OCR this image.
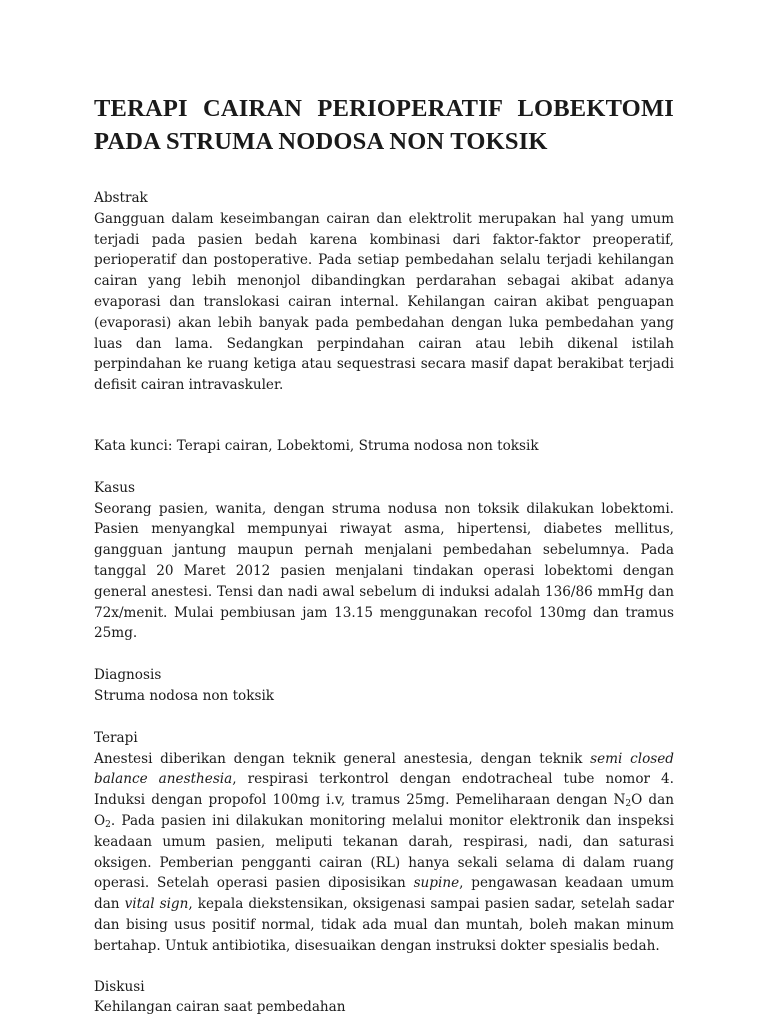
TERAPI CAIRAN PERIOPERATIF LOBEKTOMI PADA STRUMA NODOSA NON TOKSIK

Abstrak

Gangguan dalam keseimbangan cairan dan elektrolit merupakan hal yang umum terjadi pada pasien bedah karena kombinasi dari faktor-faktor preoperatif, perioperatif dan postoperative. Pada setiap pembedahan selalu terjadi kehilangan cairan yang lebih menonjol dibandingkan perdarahan sebagai akibat adanya evaporasi dan translokasi cairan internal. Kehilangan cairan akibat penguapan (evaporasi) akan lebih banyak pada pembedahan dengan luka pembedahan yang luas dan lama. Sedangkan perpindahan cairan atau lebih dikenal istilah perpindahan ke ruang ketiga atau sequestrasi secara masif dapat berakibat terjadi defisit cairan intravaskuler.

Kata kunci: Terapi cairan, Lobektomi, Struma nodosa non toksik

Kasus

Seorang pasien, wanita, dengan struma nodusa non toksik dilakukan lobektomi. Pasien menyangkal mempunyai riwayat asma, hipertensi, diabetes mellitus, gangguan jantung maupun pernah menjalani pembedahan sebelumnya. Pada tanggal 20 Maret 2012 pasien menjalani tindakan operasi lobektomi dengan general anestesi. Tensi dan nadi awal sebelum di induksi adalah 136/86 mmHg dan 72x/menit. Mulai pembiusan jam 13.15 menggunakan recofol 130mg dan tramus 25mg.

Diagnosis

Struma nodosa non toksik

Terapi

Anestesi diberikan dengan teknik general anestesia, dengan teknik semi closed balance anesthesia, respirasi terkontrol dengan endotracheal tube nomor 4. Induksi dengan propofol 100mg i.v, tramus 25mg. Pemeliharaan dengan $N_2O$ dan $O_2$. Pada pasien ini dilakukan monitoring melalui monitor elektronik dan inspeksi keadaan umum pasien, meliputi tekanan darah, respirasi, nadi, dan saturasi oksigen. Pemberian pengganti cairan (RL) hanya sekali selama di dalam ruang operasi. Setelah operasi pasien diposisikan supine, pengawasan keadaan umum dan vital sign, kepala diekstensikan, oksigenasi sampai pasien sadar, setelah sadar dan bising usus positif normal, tidak ada mual dan muntah, boleh makan minum bertahap. Untuk antibiotika, disesuaikan dengan instruksi dokter spesialis bedah.

Diskusi

Kehilangan cairan saat pembedahan
